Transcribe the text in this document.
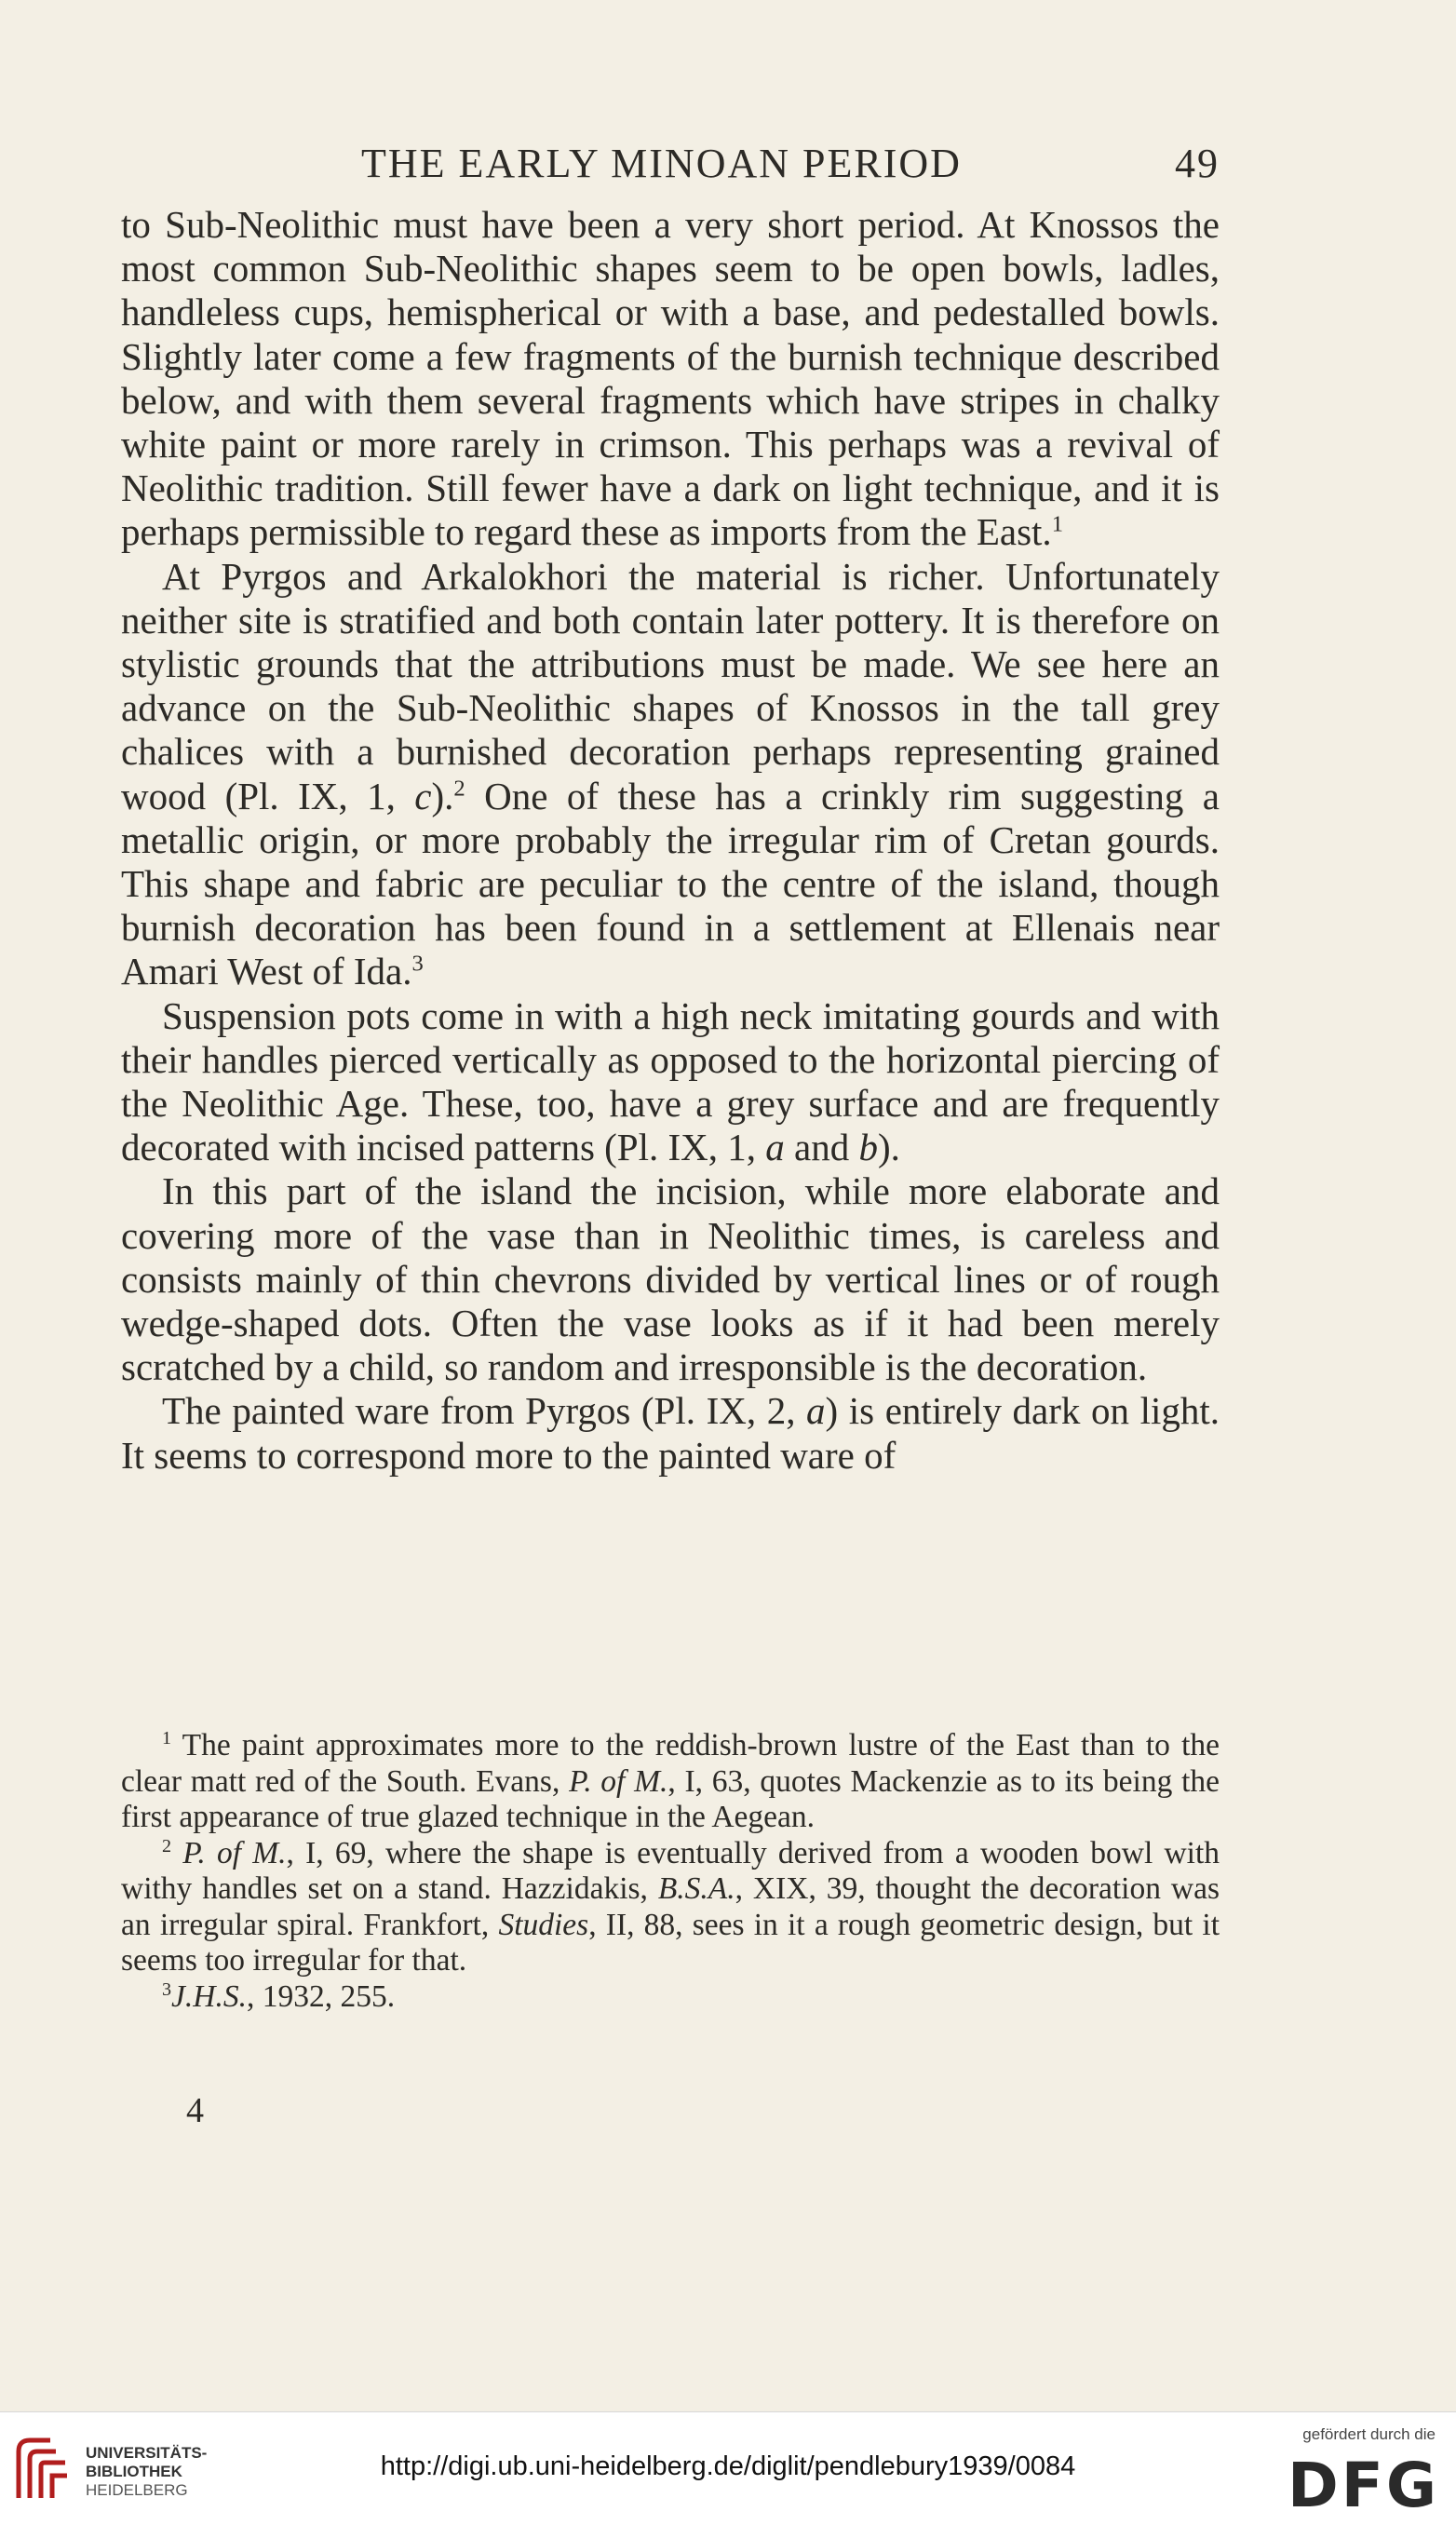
THE EARLY MINOAN PERIOD	49

to Sub-Neolithic must have been a very short period. At Knossos the most common Sub-Neolithic shapes seem to be open bowls, ladles, handleless cups, hemispherical or with a base, and pedestalled bowls. Slightly later come a few fragments of the burnish technique described below, and with them several fragments which have stripes in chalky white paint or more rarely in crimson. This perhaps was a revival of Neolithic tradition. Still fewer have a dark on light technique, and it is perhaps permissible to regard these as imports from the East.$^1$

At Pyrgos and Arkalokhori the material is richer. Unfortunately neither site is stratified and both contain later pottery. It is therefore on stylistic grounds that the attributions must be made. We see here an advance on the Sub-Neolithic shapes of Knossos in the tall grey chalices with a burnished decoration perhaps representing grained wood (Pl. IX, 1, c).$^2$ One of these has a crinkly rim suggesting a metallic origin, or more probably the irregular rim of Cretan gourds. This shape and fabric are peculiar to the centre of the island, though burnish decoration has been found in a settlement at Ellenais near Amari West of Ida.$^3$

Suspension pots come in with a high neck imitating gourds and with their handles pierced vertically as opposed to the horizontal piercing of the Neolithic Age. These, too, have a grey surface and are frequently decorated with incised patterns (Pl. IX, 1, a and b).

In this part of the island the incision, while more elaborate and covering more of the vase than in Neolithic times, is careless and consists mainly of thin chevrons divided by vertical lines or of rough wedge-shaped dots. Often the vase looks as if it had been merely scratched by a child, so random and irresponsible is the decoration.

The painted ware from Pyrgos (Pl. IX, 2, a) is entirely dark on light. It seems to correspond more to the painted ware of

$^1$ The paint approximates more to the reddish-brown lustre of the East than to the clear matt red of the South. Evans, P. of M., I, 63, quotes Mackenzie as to its being the first appearance of true glazed technique in the Aegean.

$^2$ P. of M., I, 69, where the shape is eventually derived from a wooden bowl with withy handles set on a stand. Hazzidakis, B.S.A., XIX, 39, thought the decoration was an irregular spiral. Frankfort, Studies, II, 88, sees in it a rough geometric design, but it seems too irregular for that.

$^3$J.H.S., 1932, 255.

4
UNIVERSITÄTS-
BIBLIOTHEK
HEIDELBERG
http://digi.ub.uni-heidelberg.de/diglit/pendlebury1939/0084
gefördert durch die
DFG
